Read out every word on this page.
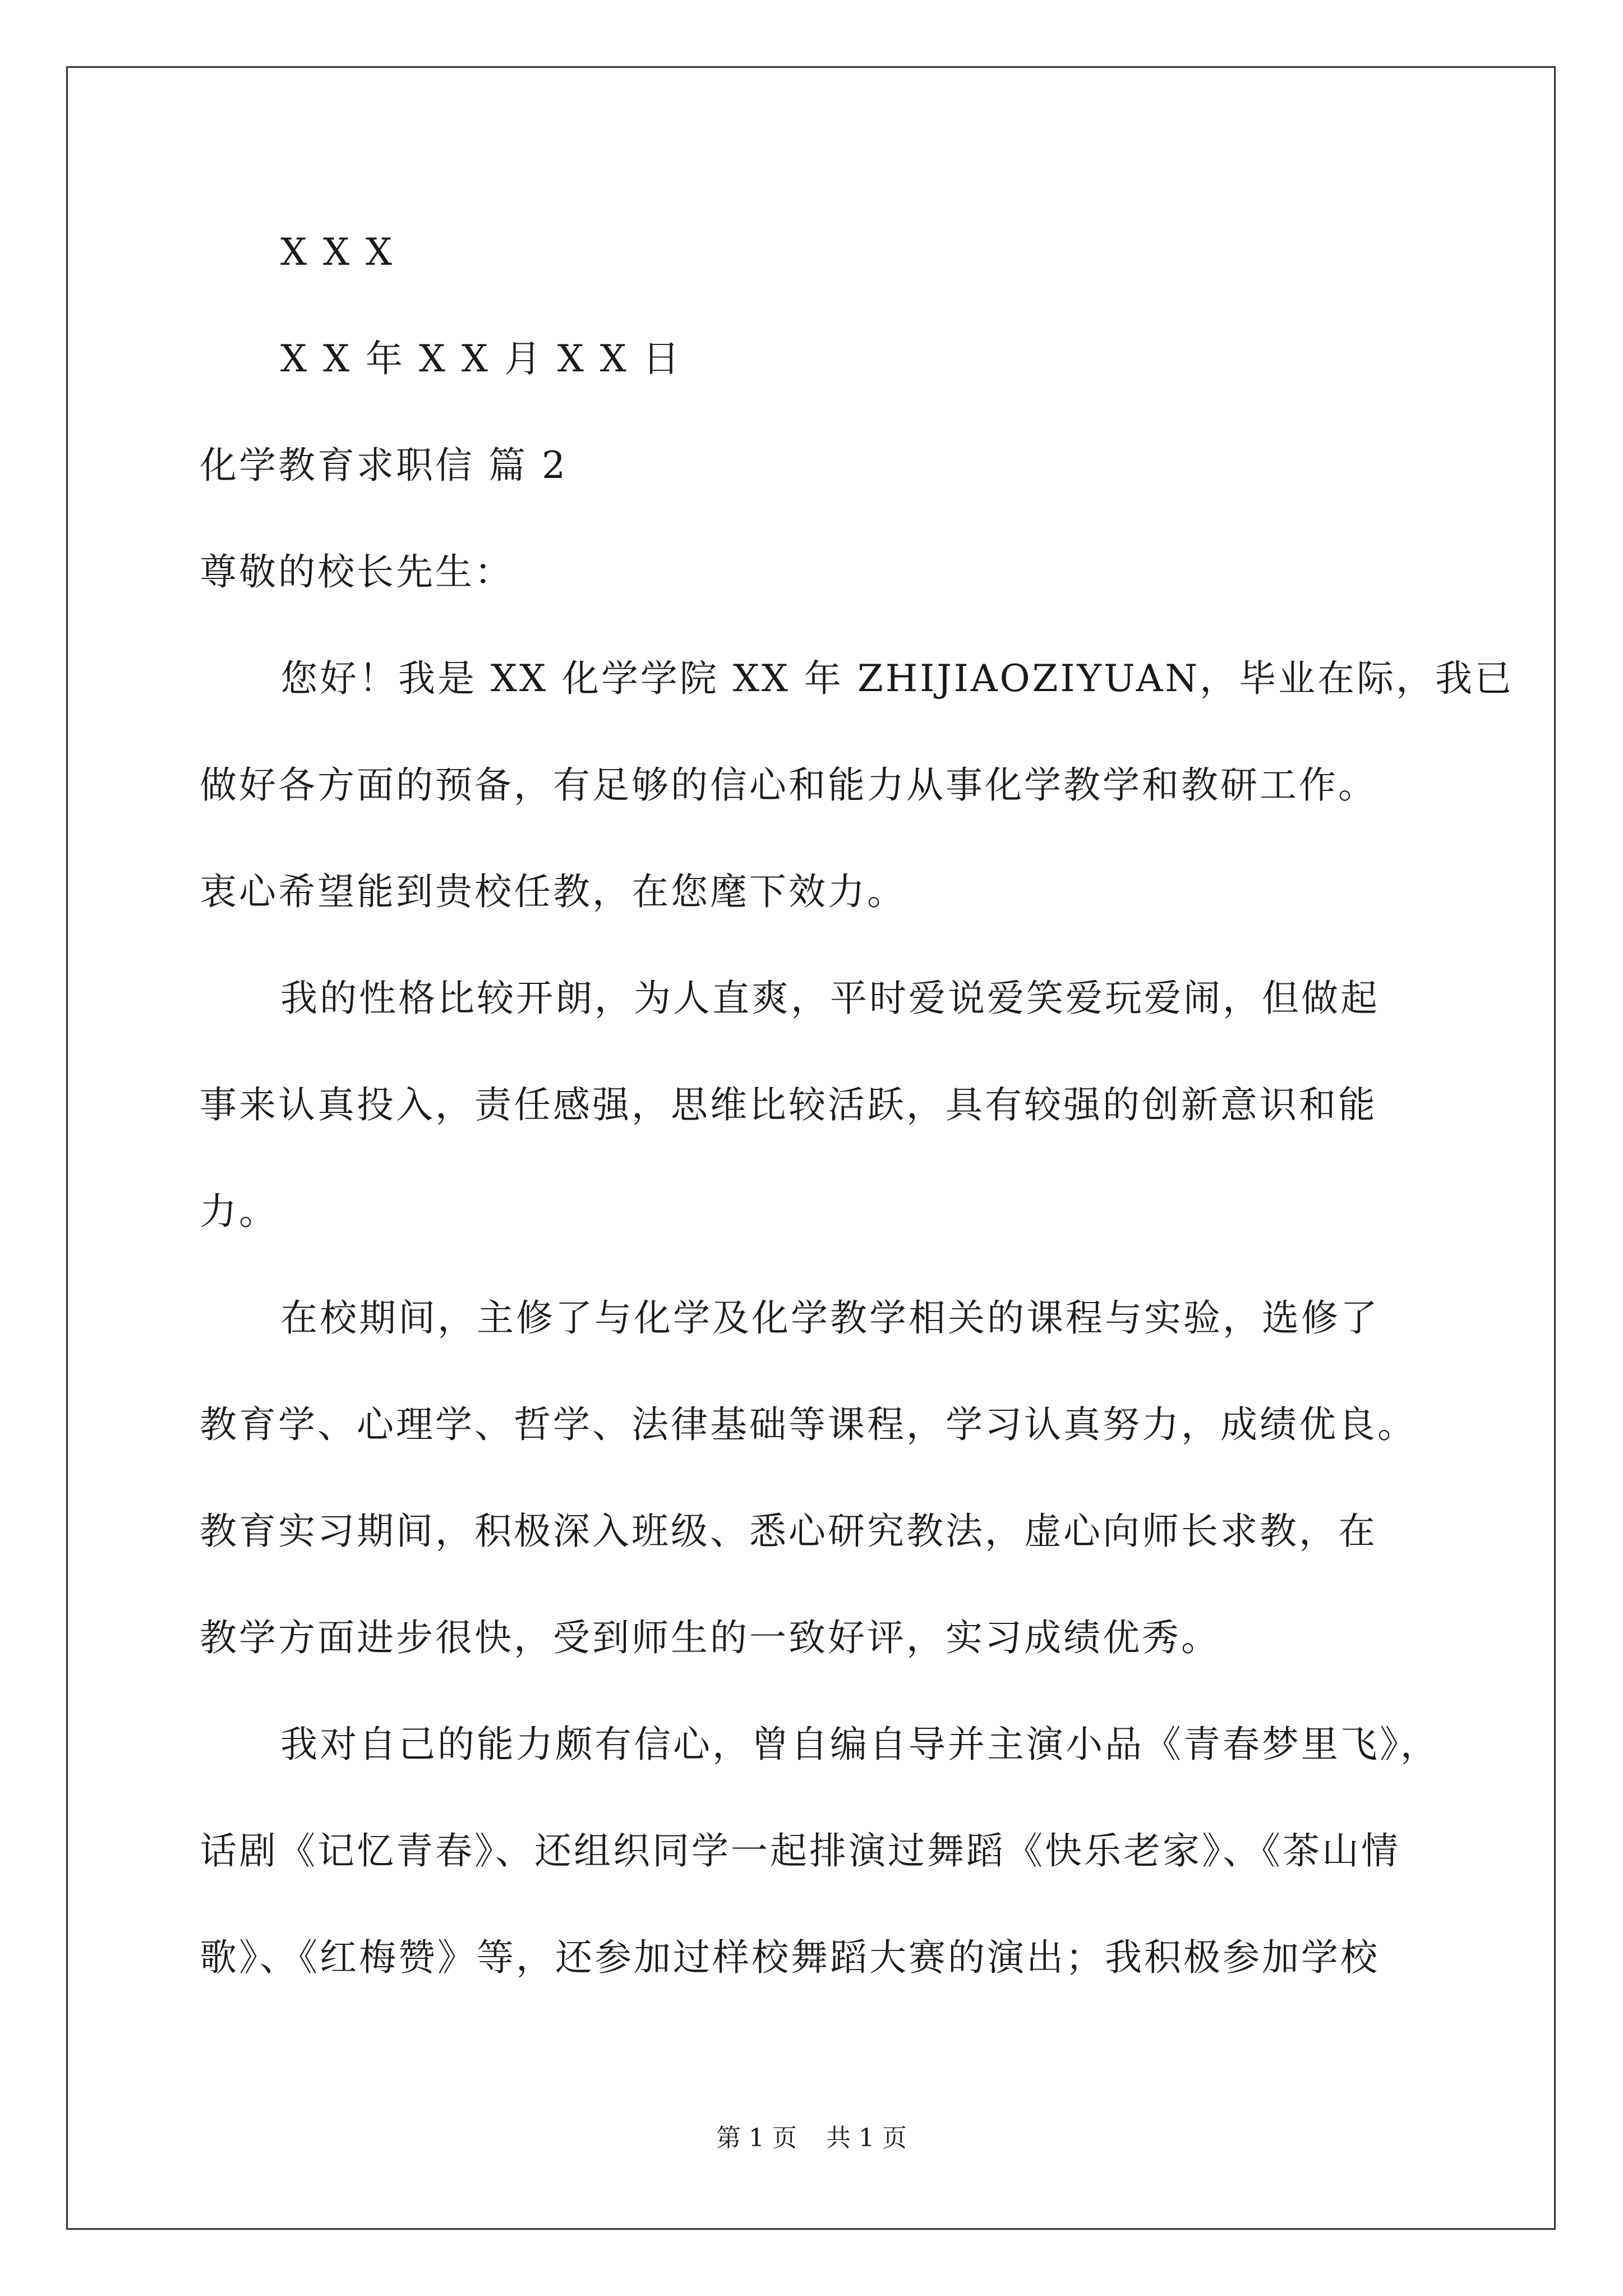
X X X
X X 年 X X 月 X X 日
化学教育求职信 篇 2
尊敬的校长先生：
您好！我是 XX 化学学院 XX 年 ZHIJIAOZIYUAN，毕业在际，我已
做好各方面的预备，有足够的信心和能力从事化学教学和教研工作。
衷心希望能到贵校任教，在您麾下效力。
我的性格比较开朗，为人直爽，平时爱说爱笑爱玩爱闹，但做起
事来认真投入，责任感强，思维比较活跃，具有较强的创新意识和能
力。
在校期间，主修了与化学及化学教学相关的课程与实验，选修了
教育学、心理学、哲学、法律基础等课程，学习认真努力，成绩优良。
教育实习期间，积极深入班级、悉心研究教法，虚心向师长求教，在
教学方面进步很快，受到师生的一致好评，实习成绩优秀。
我对自己的能力颇有信心，曾自编自导并主演小品《青春梦里飞》，
话剧《记忆青春》、还组织同学一起排演过舞蹈《快乐老家》、《茶山情
歌》、《红梅赞》等，还参加过样校舞蹈大赛的演出；我积极参加学校
第 1 页 共 1 页
